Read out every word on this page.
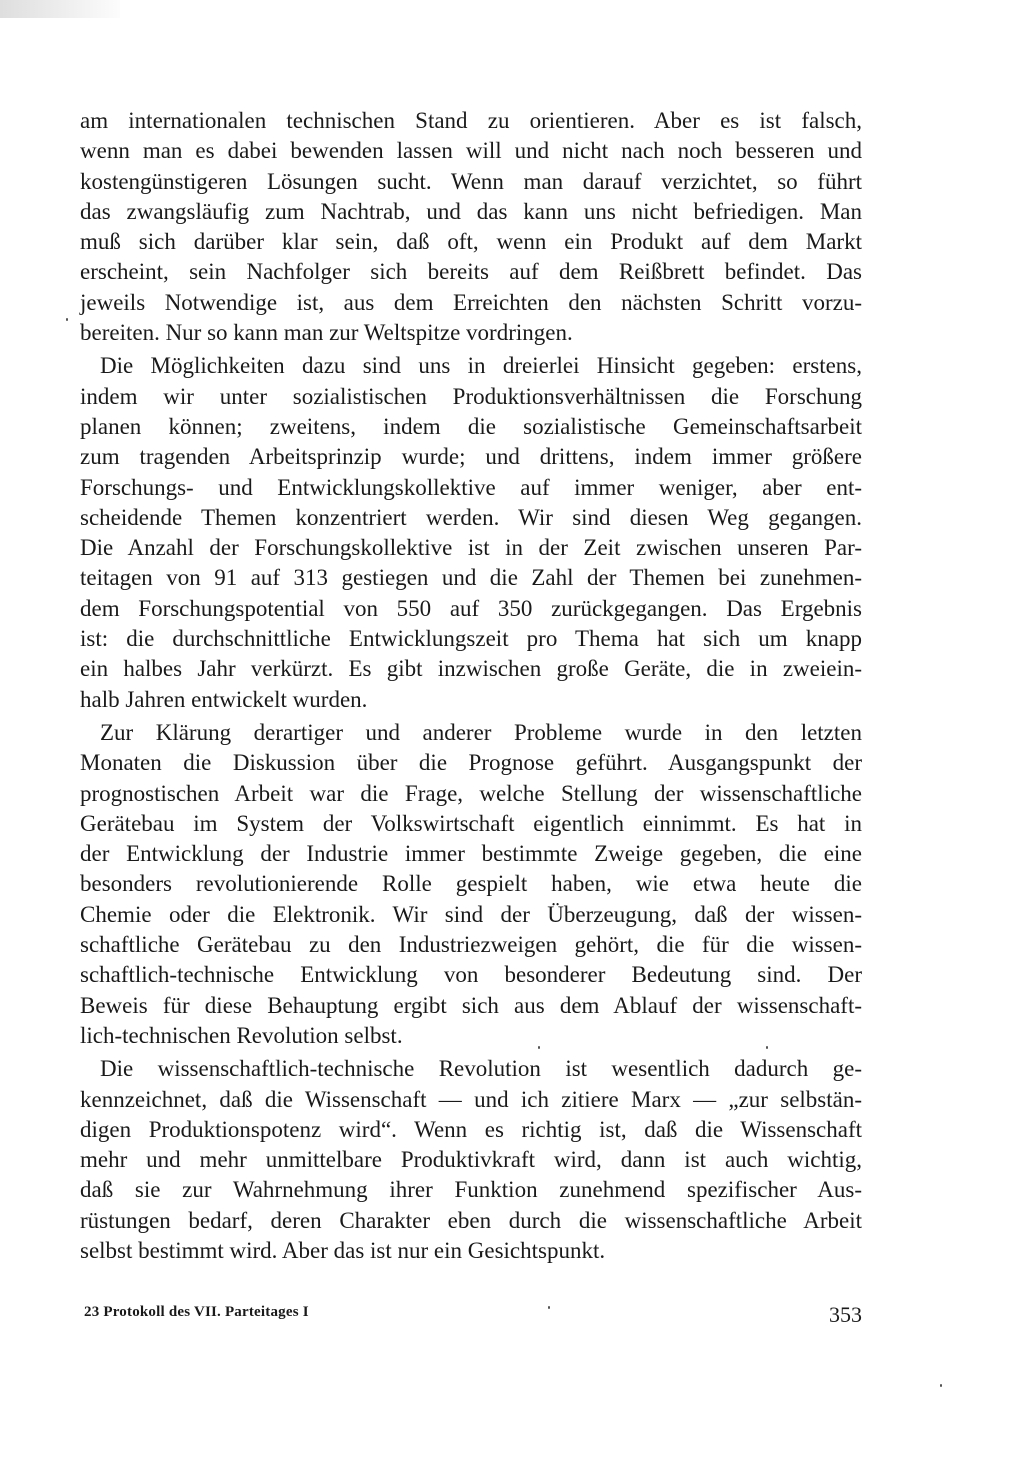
am internationalen technischen Stand zu orientieren. Aber es ist falsch,
wenn man es dabei bewenden lassen will und nicht nach noch besseren und
kostengünstigeren Lösungen sucht. Wenn man darauf verzichtet, so führt
das zwangsläufig zum Nachtrab, und das kann uns nicht befriedigen. Man
muß sich darüber klar sein, daß oft, wenn ein Produkt auf dem Markt
erscheint, sein Nachfolger sich bereits auf dem Reißbrett befindet. Das
jeweils Notwendige ist, aus dem Erreichten den nächsten Schritt vorzu-
bereiten. Nur so kann man zur Weltspitze vordringen.

Die Möglichkeiten dazu sind uns in dreierlei Hinsicht gegeben: erstens,
indem wir unter sozialistischen Produktionsverhältnissen die Forschung
planen können; zweitens, indem die sozialistische Gemeinschaftsarbeit
zum tragenden Arbeitsprinzip wurde; und drittens, indem immer größere
Forschungs- und Entwicklungskollektive auf immer weniger, aber ent-
scheidende Themen konzentriert werden. Wir sind diesen Weg gegangen.
Die Anzahl der Forschungskollektive ist in der Zeit zwischen unseren Par-
teitagen von 91 auf 313 gestiegen und die Zahl der Themen bei zunehmen-
dem Forschungspotential von 550 auf 350 zurückgegangen. Das Ergebnis
ist: die durchschnittliche Entwicklungszeit pro Thema hat sich um knapp
ein halbes Jahr verkürzt. Es gibt inzwischen große Geräte, die in zweiein-
halb Jahren entwickelt wurden.

Zur Klärung derartiger und anderer Probleme wurde in den letzten
Monaten die Diskussion über die Prognose geführt. Ausgangspunkt der
prognostischen Arbeit war die Frage, welche Stellung der wissenschaftliche
Gerätebau im System der Volkswirtschaft eigentlich einnimmt. Es hat in
der Entwicklung der Industrie immer bestimmte Zweige gegeben, die eine
besonders revolutionierende Rolle gespielt haben, wie etwa heute die
Chemie oder die Elektronik. Wir sind der Überzeugung, daß der wissen-
schaftliche Gerätebau zu den Industriezweigen gehört, die für die wissen-
schaftlich-technische Entwicklung von besonderer Bedeutung sind. Der
Beweis für diese Behauptung ergibt sich aus dem Ablauf der wissenschaft-
lich-technischen Revolution selbst.

Die wissenschaftlich-technische Revolution ist wesentlich dadurch ge-
kennzeichnet, daß die Wissenschaft — und ich zitiere Marx — „zur selbstän-
digen Produktionspotenz wird“. Wenn es richtig ist, daß die Wissenschaft
mehr und mehr unmittelbare Produktivkraft wird, dann ist auch wichtig,
daß sie zur Wahrnehmung ihrer Funktion zunehmend spezifischer Aus-
rüstungen bedarf, deren Charakter eben durch die wissenschaftliche Arbeit
selbst bestimmt wird. Aber das ist nur ein Gesichtspunkt.

23 Protokoll des VII. Parteitages I	353
